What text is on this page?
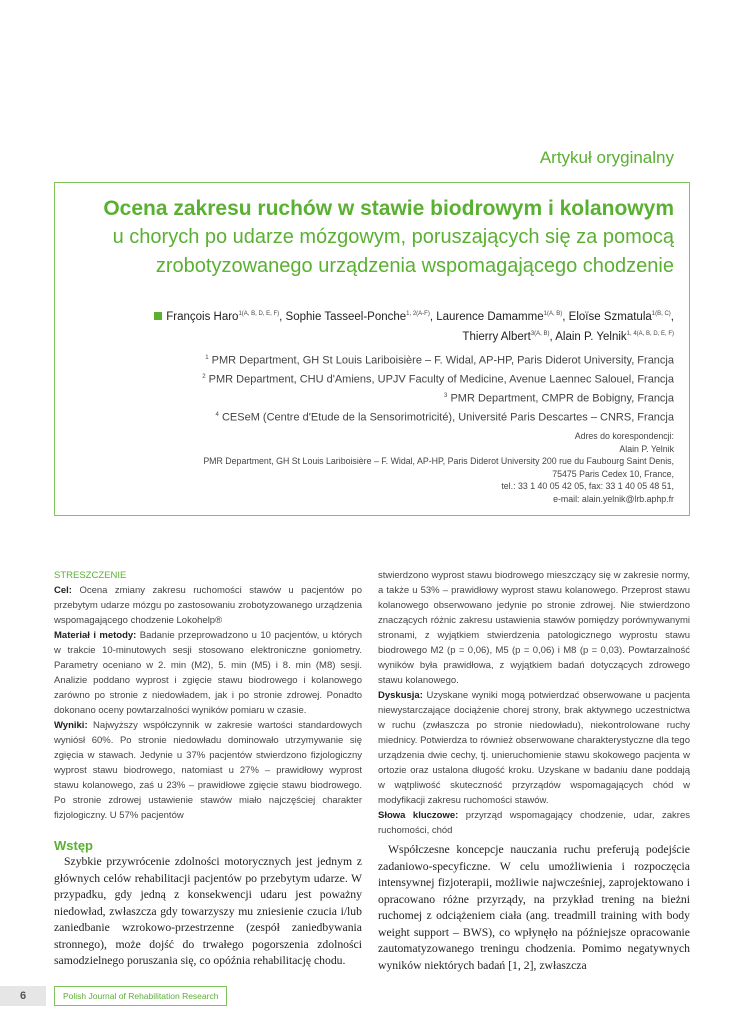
Artykuł oryginalny
Ocena zakresu ruchów w stawie biodrowym i kolanowym
u chorych po udarze mózgowym, poruszających się za pomocą
zrobotyzowanego urządzenia wspomagającego chodzenie
François Haro$^{1(A, B, D, E, F)}$, Sophie Tasseel-Ponche$^{1, 2(A-F)}$, Laurence Damamme$^{1(A, B)}$, Eloïse Szmatula$^{1(B, C)}$,
Thierry Albert$^{3(A, B)}$, Alain P. Yelnik$^{1, 4(A, B, D, E, F)}$
$^1$ PMR Department, GH St Louis Lariboisière – F. Widal, AP-HP, Paris Diderot University, Francja
$^2$ PMR Department, CHU d'Amiens, UPJV Faculty of Medicine, Avenue Laennec Salouel, Francja
$^3$ PMR Department, CMPR de Bobigny, Francja
$^4$ CESeM (Centre d'Etude de la Sensorimotricité), Université Paris Descartes – CNRS, Francja
Adres do korespondencji:
Alain P. Yelnik
PMR Department, GH St Louis Lariboisière – F. Widal, AP-HP, Paris Diderot University 200 rue du Faubourg Saint Denis,
75475 Paris Cedex 10, France,
tel.: 33 1 40 05 42 05, fax: 33 1 40 05 48 51,
e-mail: alain.yelnik@lrb.aphp.fr

STRESZCZENIE

Cel: Ocena zmiany zakresu ruchomości stawów u pacjentów po przebytym udarze mózgu po zastosowaniu zrobotyzowanego urządzenia wspomagającego chodzenie Lokohelp®

Materiał i metody: Badanie przeprowadzono u 10 pacjentów, u których w trakcie 10-minutowych sesji stosowano elektroniczne goniometry. Parametry oceniano w 2. min (M2), 5. min (M5) i 8. min (M8) sesji. Analizie poddano wyprost i zgięcie stawu biodrowego i kolanowego zarówno po stronie z niedowładem, jak i po stronie zdrowej. Ponadto dokonano oceny powtarzalności wyników pomiaru w czasie.

Wyniki: Najwyższy współczynnik w zakresie wartości standardowych wyniósł 60%. Po stronie niedowładu dominowało utrzymywanie się zgięcia w stawach. Jedynie u 37% pacjentów stwierdzono fizjologiczny wyprost stawu biodrowego, natomiast u 27% – prawidłowy wyprost stawu kolanowego, zaś u 23% – prawidłowe zgięcie stawu biodrowego. Po stronie zdrowej ustawienie stawów miało najczęściej charakter fizjologiczny. U 57% pacjentów

stwierdzono wyprost stawu biodrowego mieszczący się w zakresie normy, a także u 53% – prawidłowy wyprost stawu kolanowego. Przeprost stawu kolanowego obserwowano jedynie po stronie zdrowej. Nie stwierdzono znaczących różnic zakresu ustawienia stawów pomiędzy porównywanymi stronami, z wyjątkiem stwierdzenia patologicznego wyprostu stawu biodrowego M2 (p = 0,06), M5 (p = 0,06) i M8 (p = 0,03). Powtarzalność wyników była prawidłowa, z wyjątkiem badań dotyczących zdrowego stawu kolanowego.

Dyskusja: Uzyskane wyniki mogą potwierdzać obserwowane u pacjenta niewystarczające dociążenie chorej strony, brak aktywnego uczestnictwa w ruchu (zwłaszcza po stronie niedowładu), niekontrolowane ruchy miednicy. Potwierdza to również obserwowane charakterystyczne dla tego urządzenia dwie cechy, tj. unieruchomienie stawu skokowego pacjenta w ortozie oraz ustalona długość kroku. Uzyskane w badaniu dane poddają w wątpliwość skuteczność przyrządów wspomagających chód w modyfikacji zakresu ruchomości stawów.

Słowa kluczowe: przyrząd wspomagający chodzenie, udar, zakres ruchomości, chód

Wstęp

Szybkie przywrócenie zdolności motorycznych jest jednym z głównych celów rehabilitacji pacjentów po przebytym udarze. W przypadku, gdy jedną z konsekwencji udaru jest poważny niedowład, zwłaszcza gdy towarzyszy mu zniesienie czucia i/lub zaniedbanie wzrokowo-przestrzenne (zespół zaniedbywania stronnego), może dojść do trwałego pogorszenia zdolności samodzielnego poruszania się, co opóźnia rehabilitację chodu.

Współczesne koncepcje nauczania ruchu preferują podejście zadaniowo-specyficzne. W celu umożliwienia i rozpoczęcia intensywnej fizjoterapii, możliwie najwcześniej, zaprojektowano i opracowano różne przyrządy, na przykład trening na bieżni ruchomej z odciążeniem ciała (ang. treadmill training with body weight support – BWS), co wpłynęło na późniejsze opracowanie zautomatyzowanego treningu chodzenia. Pomimo negatywnych wyników niektórych badań [1, 2], zwłaszcza

6	Polish Journal of Rehabilitation Research
